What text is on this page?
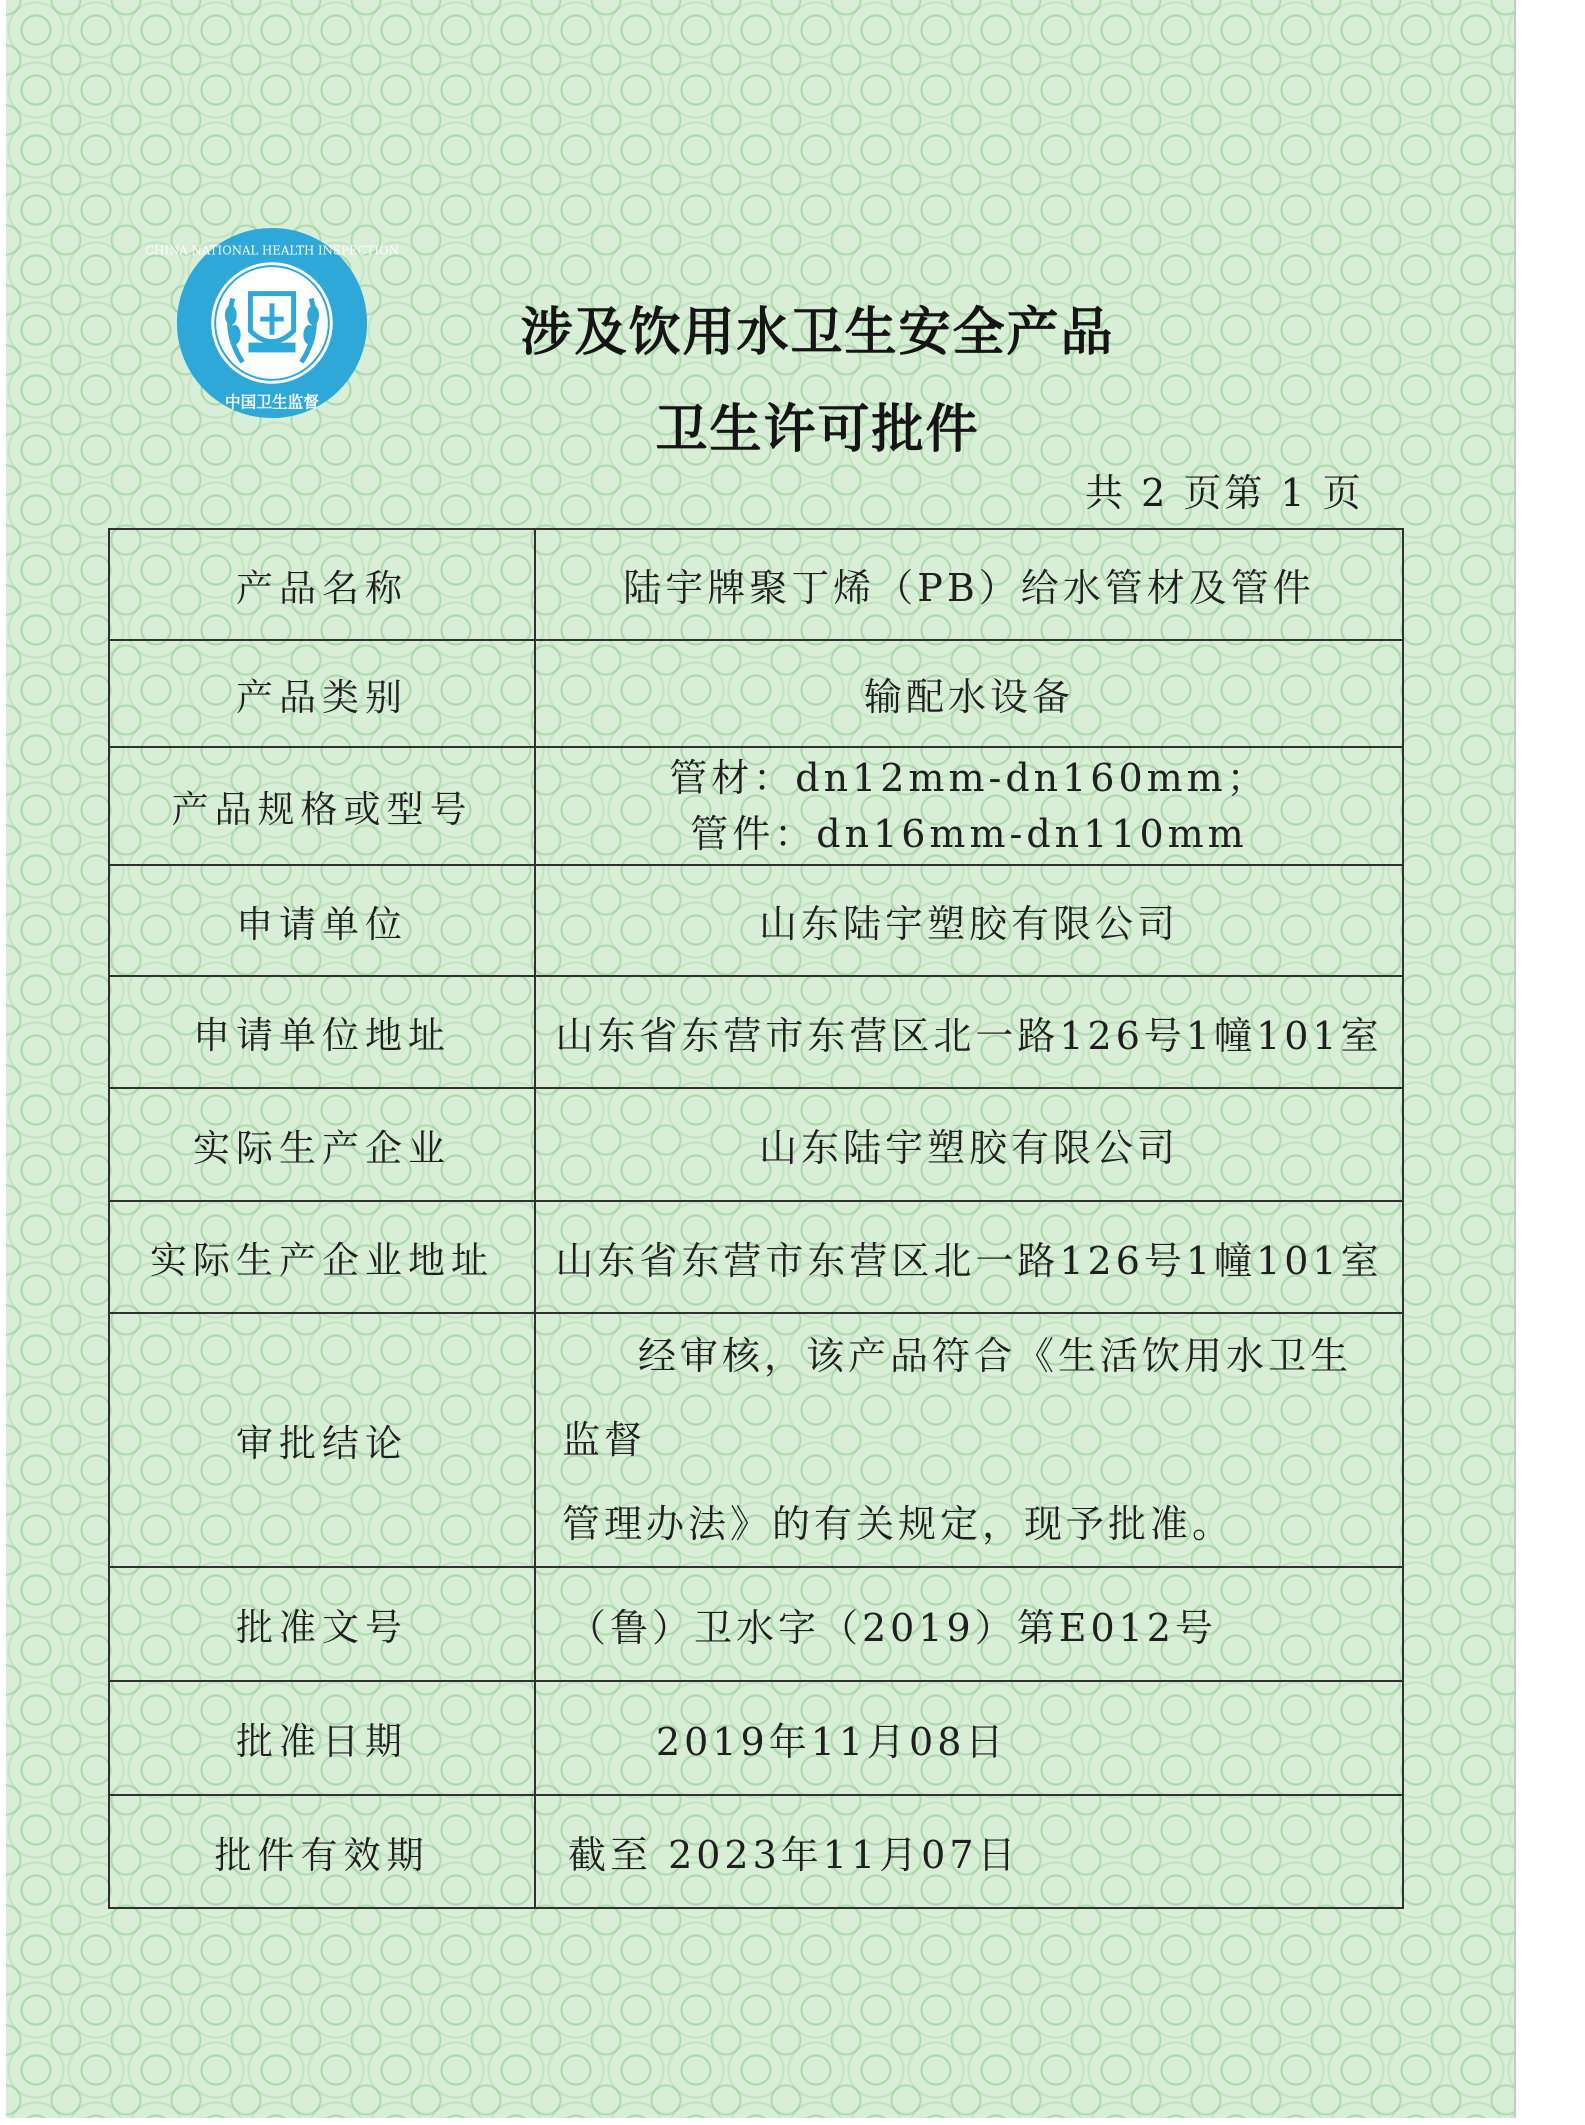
CHINA NATIONAL HEALTH INSPECTION
中国卫生监督
涉及饮用水卫生安全产品
卫生许可批件
共 2 页第 1 页
产品名称	陆宇牌聚丁烯（PB）给水管材及管件
产品类别	输配水设备
产品规格或型号	管材：dn12mm-dn160mm；
管件：dn16mm-dn110mm

申请单位	山东陆宇塑胶有限公司
申请单位地址	山东省东营市东营区北一路126号1幢101室
实际生产企业	山东陆宇塑胶有限公司
实际生产企业地址	山东省东营市东营区北一路126号1幢101室
审批结论	经审核，该产品符合《生活饮用水卫生监督
管理办法》的有关规定，现予批准。
批准文号	（鲁）卫水字（2019）第E012号
批准日期	2019年11月08日
批件有效期	截至 2023年11月07日
